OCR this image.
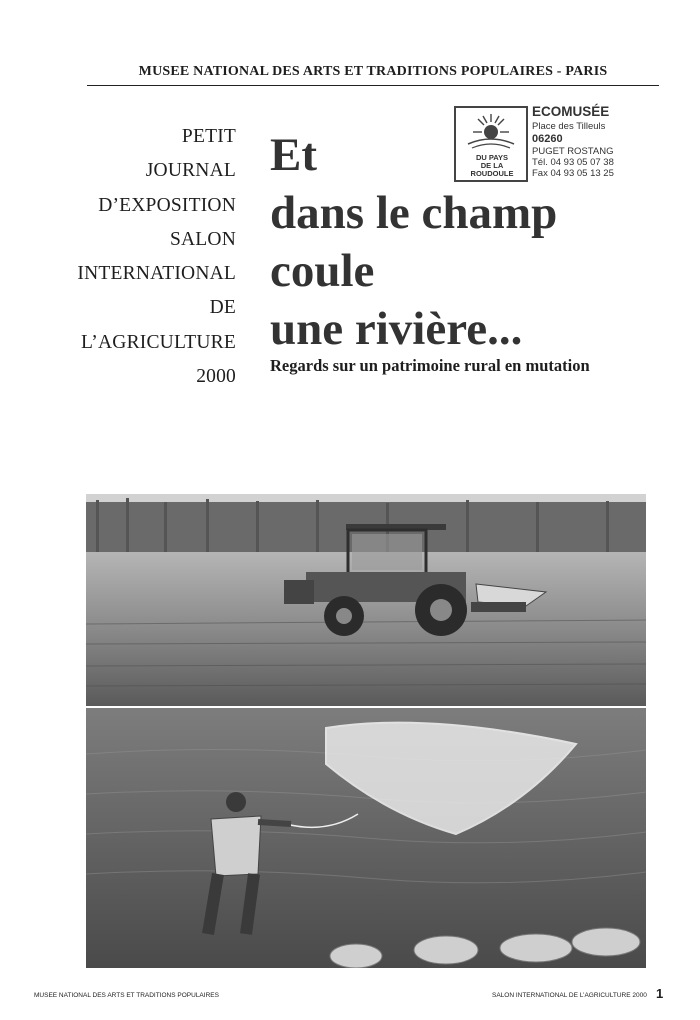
MUSEE NATIONAL DES ARTS ET TRADITIONS POPULAIRES - PARIS
PETIT
JOURNAL
D’EXPOSITION
SALON
INTERNATIONAL
DE
L’AGRICULTURE
2000
Et
dans le champ
coule
une rivière...
Regards sur un patrimoine rural en mutation
DU PAYS
DE LA ROUDOULE
ECOMUSÉE
Place des Tilleuls
06260
PUGET ROSTANG
Tél. 04 93 05 07 38
Fax 04 93 05 13 25
MUSEE NATIONAL DES ARTS ET TRADITIONS POPULAIRES	SALON INTERNATIONAL DE L’AGRICULTURE 2000 1
